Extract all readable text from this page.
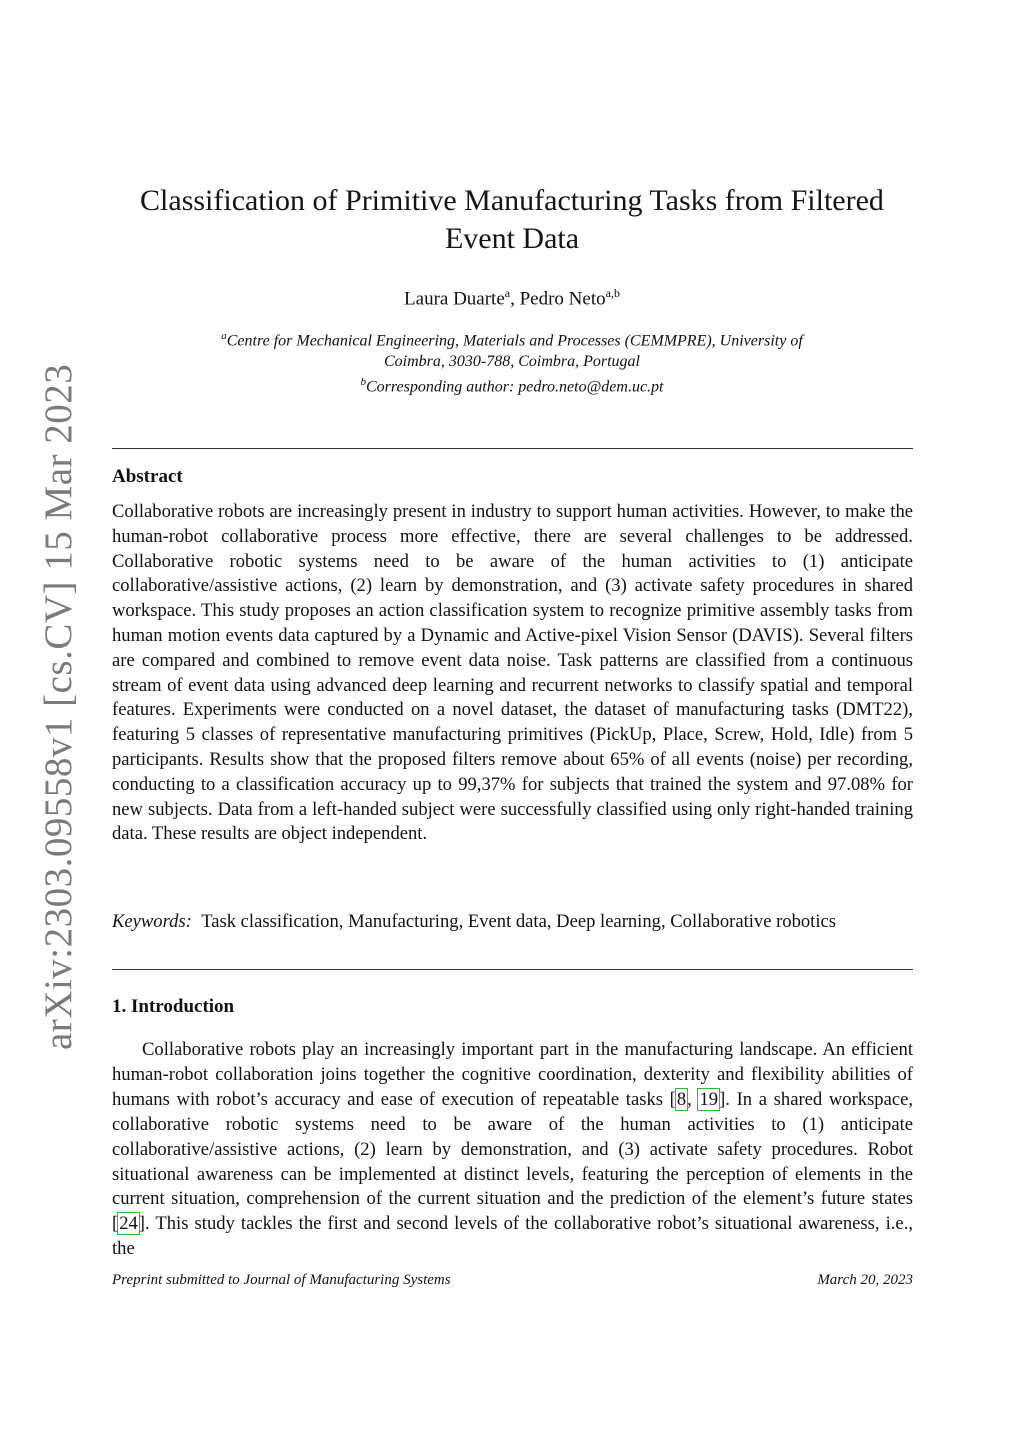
arXiv:2303.09558v1 [cs.CV] 15 Mar 2023
Classification of Primitive Manufacturing Tasks from Filtered
Event Data
Laura Duarte$^a$, Pedro Neto$^{a,b}$
$^a$Centre for Mechanical Engineering, Materials and Processes (CEMMPRE), University of
Coimbra, 3030-788, Coimbra, Portugal
$^b$Corresponding author: pedro.neto@dem.uc.pt
Abstract

Collaborative robots are increasingly present in industry to support human activities. However, to make the human-robot collaborative process more effective, there are several challenges to be addressed. Collaborative robotic systems need to be aware of the human activities to (1) anticipate collaborative/assistive actions, (2) learn by demonstration, and (3) activate safety procedures in shared workspace. This study proposes an action classification system to recognize primitive assembly tasks from human motion events data captured by a Dynamic and Active-pixel Vision Sensor (DAVIS). Several filters are compared and combined to remove event data noise. Task patterns are classified from a continuous stream of event data using advanced deep learning and recurrent networks to classify spatial and temporal features. Experiments were conducted on a novel dataset, the dataset of manufacturing tasks (DMT22), featuring 5 classes of representative manufacturing primitives (PickUp, Place, Screw, Hold, Idle) from 5 participants. Results show that the proposed filters remove about 65% of all events (noise) per recording, conducting to a classification accuracy up to 99,37% for subjects that trained the system and 97.08% for new subjects. Data from a left-handed subject were successfully classified using only right-handed training data. These results are object independent.

Keywords: Task classification, Manufacturing, Event data, Deep learning, Collaborative robotics

1. Introduction

Collaborative robots play an increasingly important part in the manufacturing landscape. An efficient human-robot collaboration joins together the cognitive coordination, dexterity and flexibility abilities of humans with robot’s accuracy and ease of execution of repeatable tasks [8, 19]. In a shared workspace, collaborative robotic systems need to be aware of the human activities to (1) anticipate collaborative/assistive actions, (2) learn by demonstration, and (3) activate safety procedures. Robot situational awareness can be implemented at distinct levels, featuring the perception of elements in the current situation, comprehension of the current situation and the prediction of the element’s future states [24]. This study tackles the first and second levels of the collaborative robot’s situational awareness, i.e., the

Preprint submitted to Journal of Manufacturing Systems	March 20, 2023
